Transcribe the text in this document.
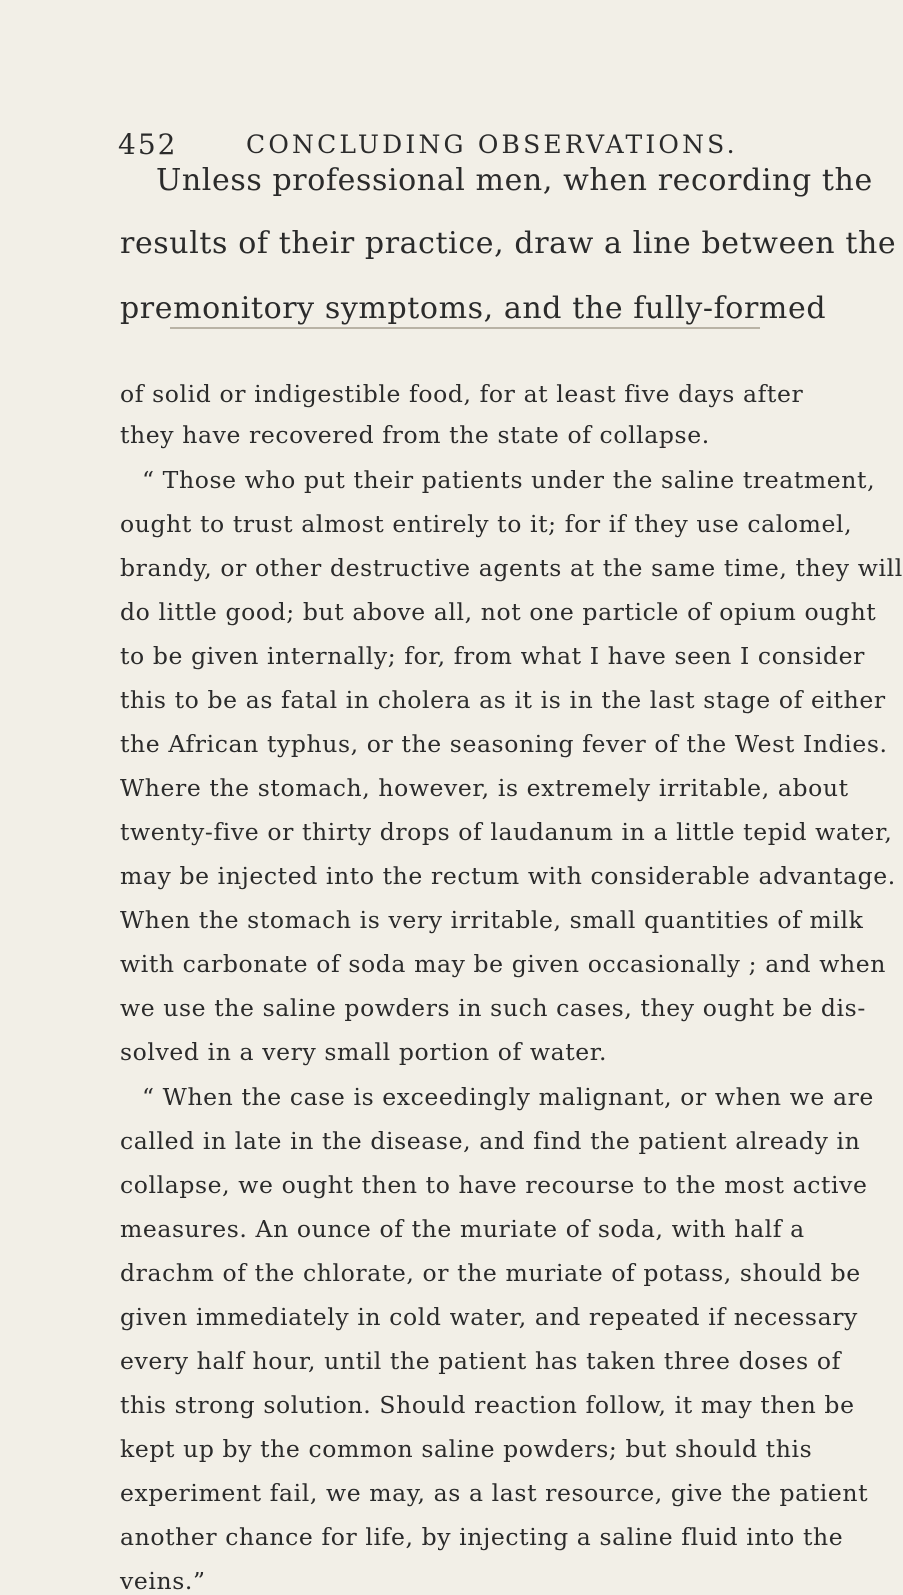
452	CONCLUDING OBSERVATIONS.
Unless professional men, when recording the
results of their practice, draw a line between the
premonitory symptoms, and the fully-formed
of solid or indigestible food, for at least five days after
they have recovered from the state of collapse.
“ Those who put their patients under the saline treatment,
ought to trust almost entirely to it; for if they use calomel,
brandy, or other destructive agents at the same time, they will
do little good; but above all, not one particle of opium ought
to be given internally; for, from what I have seen I consider
this to be as fatal in cholera as it is in the last stage of either
the African typhus, or the seasoning fever of the West Indies.
Where the stomach, however, is extremely irritable, about
twenty-five or thirty drops of laudanum in a little tepid water,
may be injected into the rectum with considerable advantage.
When the stomach is very irritable, small quantities of milk
with carbonate of soda may be given occasionally ; and when
we use the saline powders in such cases, they ought be dis-
solved in a very small portion of water.
“ When the case is exceedingly malignant, or when we are
called in late in the disease, and find the patient already in
collapse, we ought then to have recourse to the most active
measures. An ounce of the muriate of soda, with half a
drachm of the chlorate, or the muriate of potass, should be
given immediately in cold water, and repeated if necessary
every half hour, until the patient has taken three doses of
this strong solution. Should reaction follow, it may then be
kept up by the common saline powders; but should this
experiment fail, we may, as a last resource, give the patient
another chance for life, by injecting a saline fluid into the
veins.”
